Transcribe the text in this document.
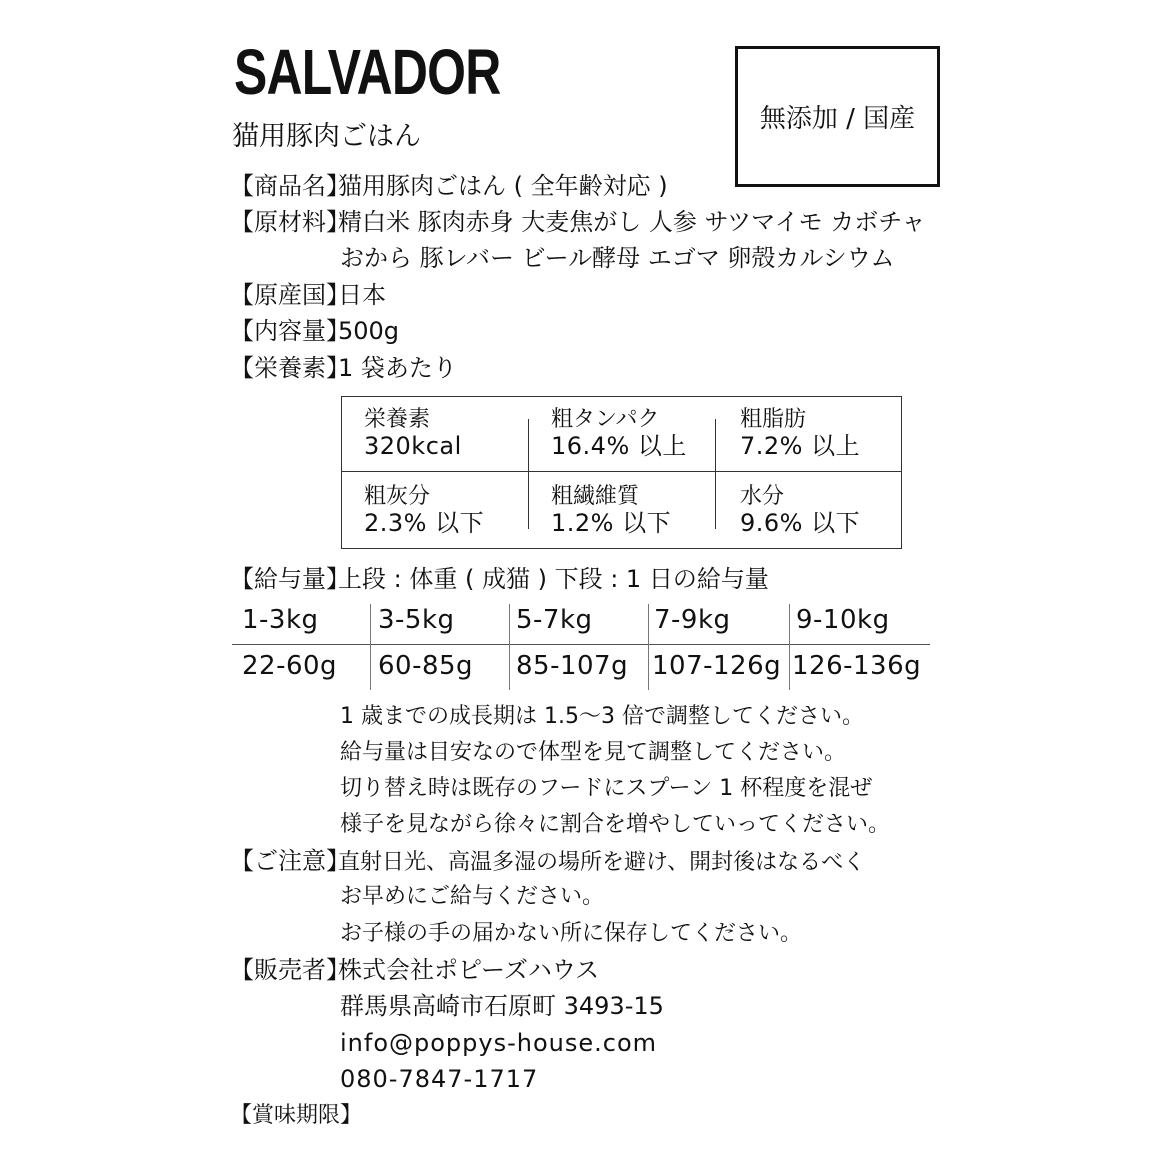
SALVADOR
猫用豚肉ごはん
無添加 / 国産
【商品名】猫用豚肉ごはん ( 全年齢対応 )
【原材料】精白米 豚肉赤身 大麦焦がし 人参 サツマイモ カボチャ
おから 豚レバー ビール酵母 エゴマ 卵殻カルシウム
【原産国】日本
【内容量】500g
【栄養素】1 袋あたり
栄養素
320kcal
粗タンパク
16.4% 以上
粗脂肪
7.2% 以上
粗灰分
2.3% 以下
粗繊維質
1.2% 以下
水分
9.6% 以下
【給与量】上段 : 体重 ( 成猫 ) 下段 : 1 日の給与量
1-3kg 3-5kg 5-7kg 7-9kg	9-10kg
22-60g 60-85g 85-107g 107-126g 126-136g
1 歳までの成長期は 1.5～3 倍で調整してください。
給与量は目安なので体型を見て調整してください。
切り替え時は既存のフードにスプーン 1 杯程度を混ぜ
様子を見ながら徐々に割合を増やしていってください。
【ご注意】直射日光、高温多湿の場所を避け、開封後はなるべく
お早めにご給与ください。
お子様の手の届かない所に保存してください。
【販売者】株式会社ポピーズハウス
群馬県高崎市石原町 3493-15
info@poppys-house.com
080-7847-1717
【賞味期限】
